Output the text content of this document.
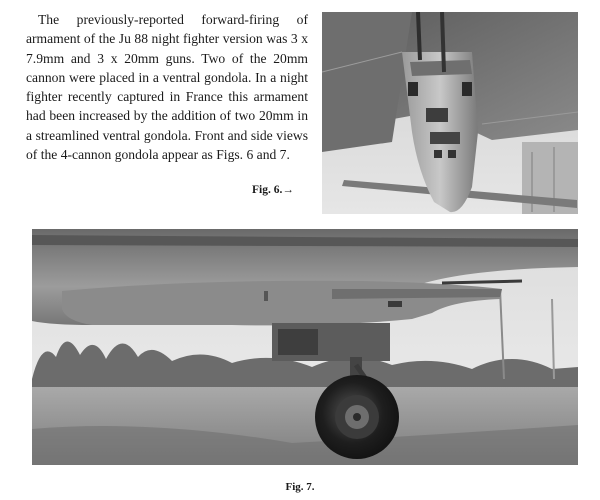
The previously-reported forward-firing of armament of the Ju 88 night fighter version was 3 x 7.9mm and 3 x 20mm guns. Two of the 20mm cannon were placed in a ventral gondola. In a night fighter recently captured in France this armament had been increased by the addition of two 20mm in a streamlined ventral gondola. Front and side views of the 4-cannon gondola appear as Figs. 6 and 7.

Fig. 6.→

Fig. 7.
